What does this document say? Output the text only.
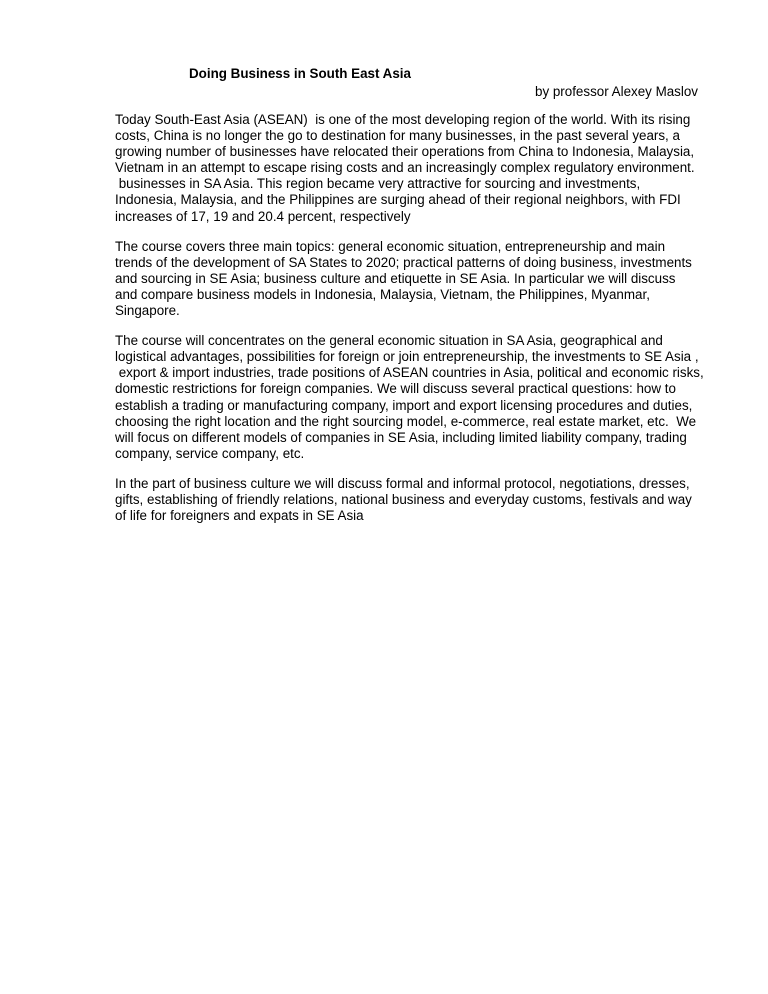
Doing Business in South East Asia

by professor Alexey Maslov

Today South-East Asia (ASEAN)  is one of the most developing region of the world. With its rising
costs, China is no longer the go to destination for many businesses, in the past several years, a
growing number of businesses have relocated their operations from China to Indonesia, Malaysia,
Vietnam in an attempt to escape rising costs and an increasingly complex regulatory environment.
businesses in SA Asia. This region became very attractive for sourcing and investments,
Indonesia, Malaysia, and the Philippines are surging ahead of their regional neighbors, with FDI
increases of 17, 19 and 20.4 percent, respectively

The course covers three main topics: general economic situation, entrepreneurship and main
trends of the development of SA States to 2020; practical patterns of doing business, investments
and sourcing in SE Asia; business culture and etiquette in SE Asia. In particular we will discuss
and compare business models in Indonesia, Malaysia, Vietnam, the Philippines, Myanmar,
Singapore.

The course will concentrates on the general economic situation in SA Asia, geographical and
logistical advantages, possibilities for foreign or join entrepreneurship, the investments to SE Asia ,
export & import industries, trade positions of ASEAN countries in Asia, political and economic risks,
domestic restrictions for foreign companies. We will discuss several practical questions: how to
establish a trading or manufacturing company, import and export licensing procedures and duties,
choosing the right location and the right sourcing model, e-commerce, real estate market, etc.  We
will focus on different models of companies in SE Asia, including limited liability company, trading
company, service company, etc.

In the part of business culture we will discuss formal and informal protocol, negotiations, dresses,
gifts, establishing of friendly relations, national business and everyday customs, festivals and way
of life for foreigners and expats in SE Asia
